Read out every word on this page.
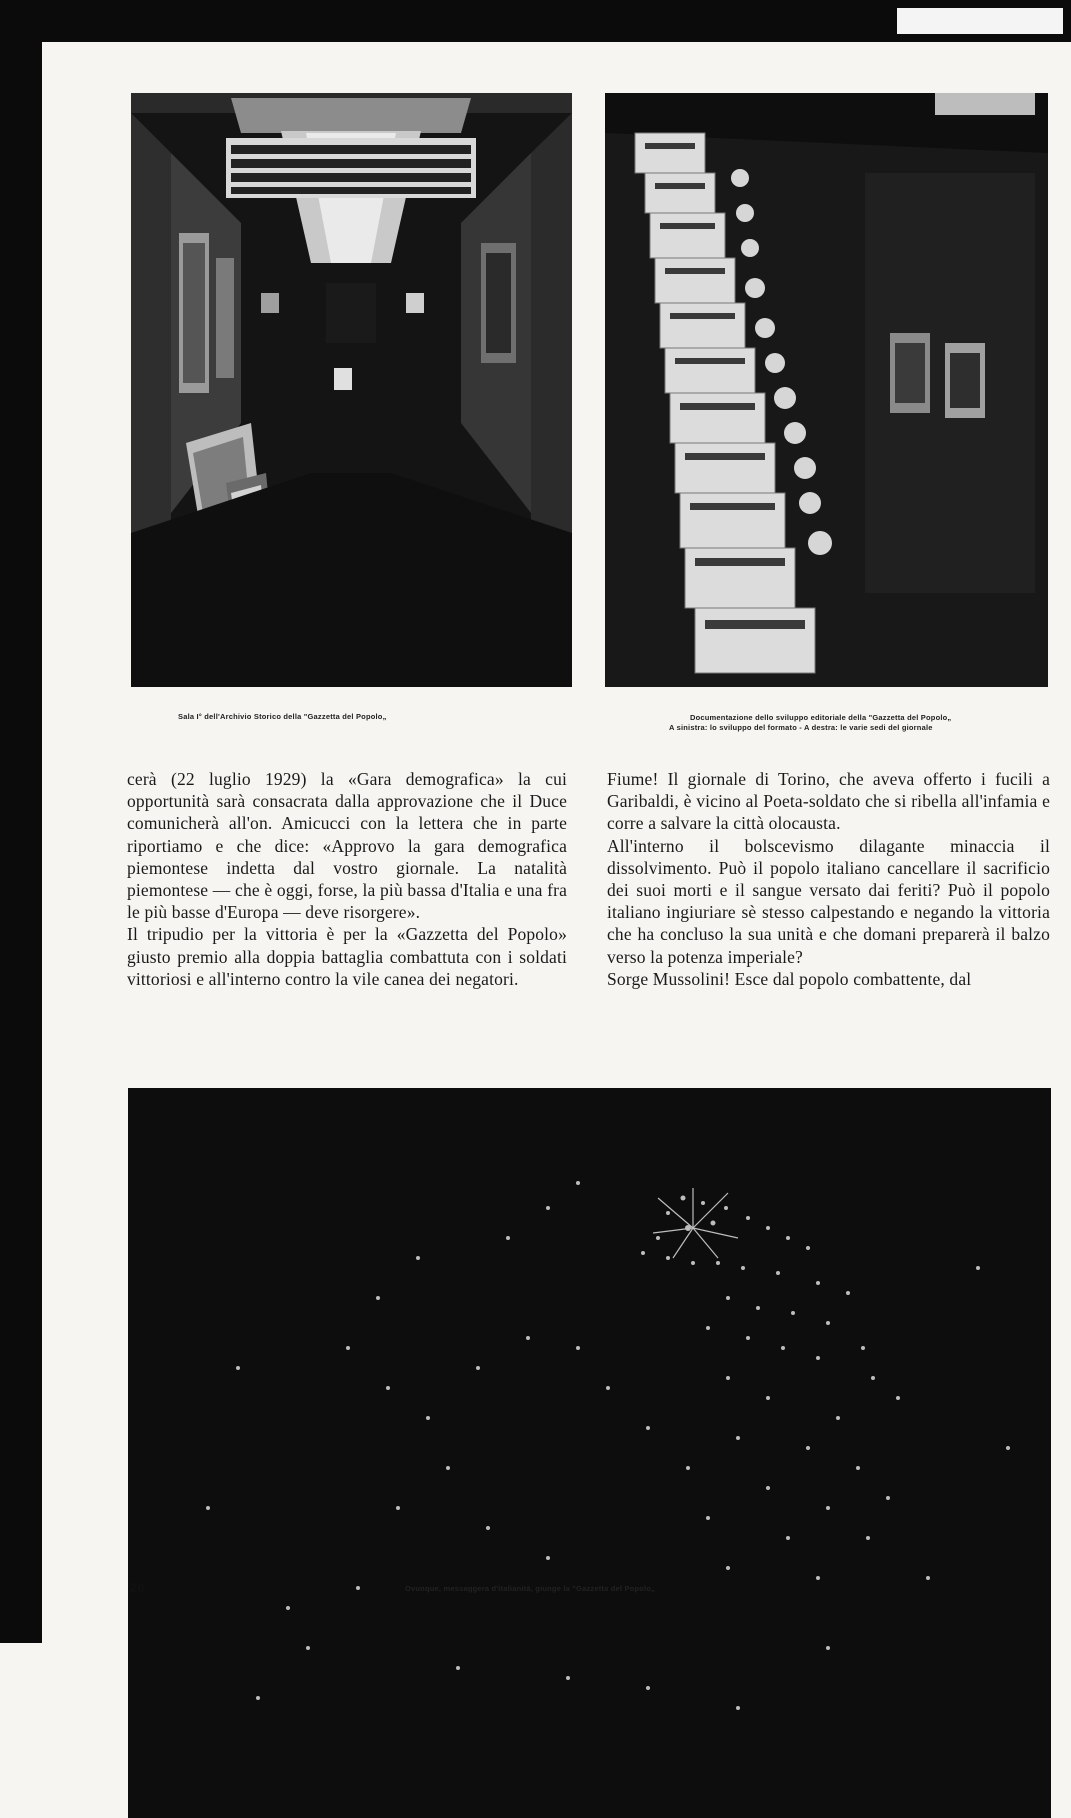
Sala I° dell'Archivio Storico della "Gazzetta del Popolo„	Documentazione dello sviluppo editoriale della "Gazzetta del Popolo„
A sinistra: lo sviluppo del formato - A destra: le varie sedi del giornale

cerà (22 luglio 1929) la «Gara demografica» la cui opportunità sarà consacrata dalla approvazione che il Duce comunicherà all'on. Amicucci con la lettera che in parte riportiamo e che dice: «Approvo la gara demografica piemontese indetta dal vostro giornale. La natalità piemontese — che è oggi, forse, la più bassa d'Italia e una fra le più basse d'Europa — deve risorgere».

Il tripudio per la vittoria è per la «Gazzetta del Popolo» giusto premio alla doppia battaglia combattuta con i soldati vittoriosi e all'interno contro la vile canea dei negatori.

Fiume! Il giornale di Torino, che aveva offerto i fucili a Garibaldi, è vicino al Poeta-soldato che si ribella all'infamia e corre a salvare la città olocausta.

All'interno il bolscevismo dilagante minaccia il dissolvimento. Può il popolo italiano cancellare il sacrificio dei suoi morti e il sangue versato dai feriti? Può il popolo italiano ingiuriare sè stesso calpestando e negando la vittoria che ha concluso la sua unità e che domani preparerà il balzo verso la potenza imperiale?

Sorge Mussolini! Esce dal popolo combattente, dal

Ovunque, messaggera d'italianità, giunge la "Gazzetta del Popolo„
26
